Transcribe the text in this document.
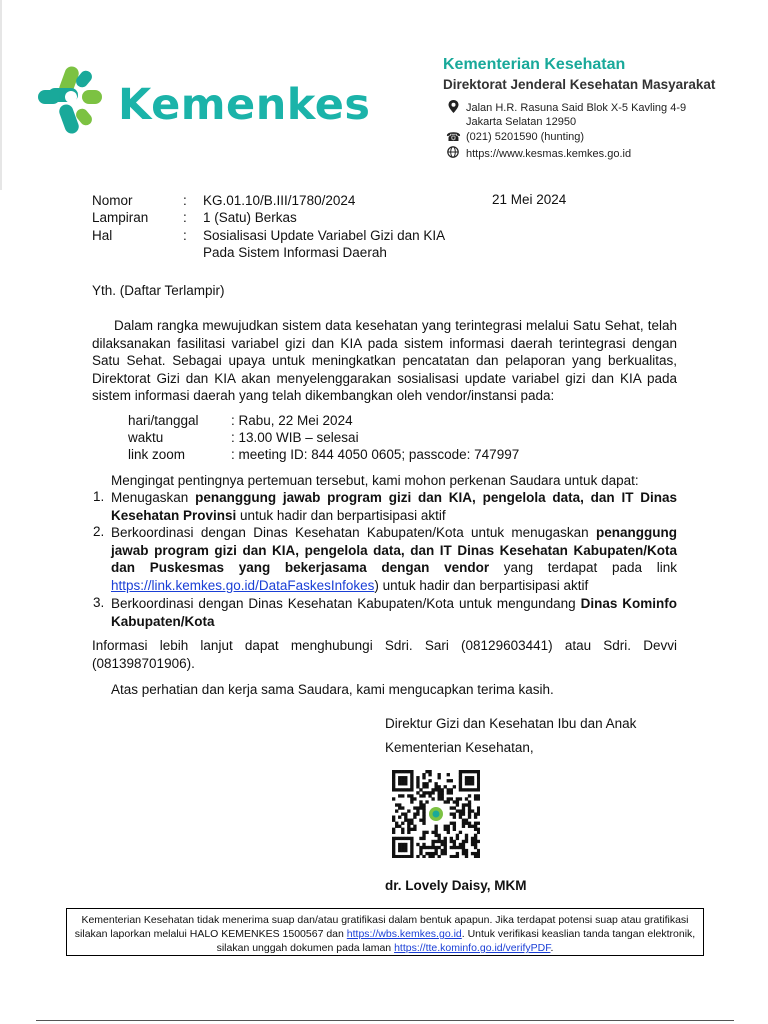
Kemenkes
Kementerian Kesehatan
Direktorat Jenderal Kesehatan Masyarakat
Jalan H.R. Rasuna Said Blok X-5 Kavling 4-9
Jakarta Selatan 12950
☎ (021) 5201590 (hunting)
https://www.kesmas.kemkes.go.id
Nomor	: KG.01.10/B.III/1780/2024	21 Mei 2024
Lampiran	: 1 (Satu) Berkas
Hal	: Sosialisasi Update Variabel Gizi dan KIA
Pada Sistem Informasi Daerah
Yth. (Daftar Terlampir)
Dalam rangka mewujudkan sistem data kesehatan yang terintegrasi melalui Satu Sehat, telah dilaksanakan fasilitasi variabel gizi dan KIA pada sistem informasi daerah terintegrasi dengan Satu Sehat. Sebagai upaya untuk meningkatkan pencatatan dan pelaporan yang berkualitas, Direktorat Gizi dan KIA akan menyelenggarakan sosialisasi update variabel gizi dan KIA pada sistem informasi daerah yang telah dikembangkan oleh vendor/instansi pada:
hari/tanggal : Rabu, 22 Mei 2024
waktu	: 13.00 WIB – selesai
link zoom	: meeting ID: 844 4050 0605; passcode: 747997
Mengingat pentingnya pertemuan tersebut, kami mohon perkenan Saudara untuk dapat:
1. Menugaskan penanggung jawab program gizi dan KIA, pengelola data, dan IT Dinas Kesehatan Provinsi untuk hadir dan berpartisipasi aktif
2. Berkoordinasi dengan Dinas Kesehatan Kabupaten/Kota untuk menugaskan penanggung jawab program gizi dan KIA, pengelola data, dan IT Dinas Kesehatan Kabupaten/Kota dan Puskesmas yang bekerjasama dengan vendor yang terdapat pada link https://link.kemkes.go.id/DataFaskesInfokes) untuk hadir dan berpartisipasi aktif
3. Berkoordinasi dengan Dinas Kesehatan Kabupaten/Kota untuk mengundang Dinas Kominfo Kabupaten/Kota
Informasi lebih lanjut dapat menghubungi Sdri. Sari (08129603441) atau Sdri. Devvi (081398701906).
Atas perhatian dan kerja sama Saudara, kami mengucapkan terima kasih.
Direktur Gizi dan Kesehatan Ibu dan Anak
Kementerian Kesehatan,
dr. Lovely Daisy, MKM
Kementerian Kesehatan tidak menerima suap dan/atau gratifikasi dalam bentuk apapun. Jika terdapat potensi suap atau gratifikasi silakan laporkan melalui HALO KEMENKES 1500567 dan https://wbs.kemkes.go.id. Untuk verifikasi keaslian tanda tangan elektronik, silakan unggah dokumen pada laman https://tte.kominfo.go.id/verifyPDF.
